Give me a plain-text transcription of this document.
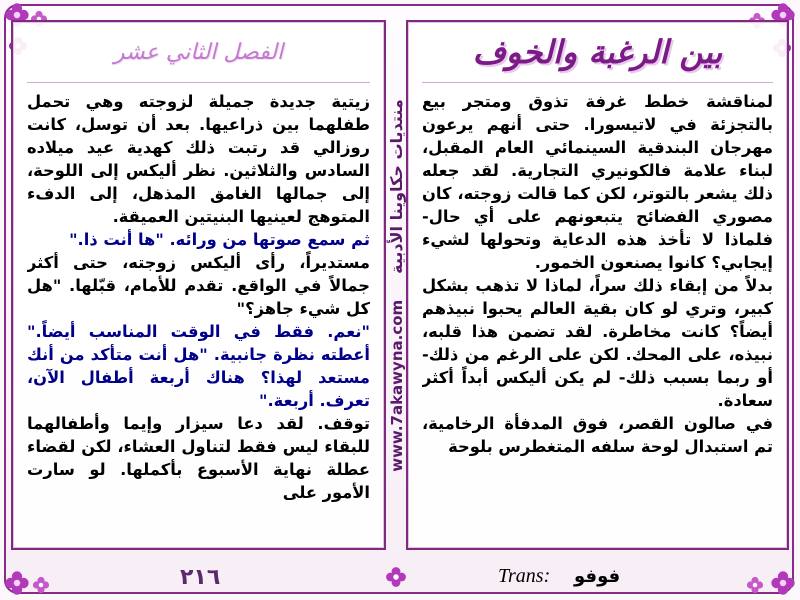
الفصل الثاني عشر

زيتية جديدة جميلة لزوجته وهي تحمل طفلهما بين ذراعيها. بعد أن توسل، كانت روزالي قد رتبت ذلك كهدية عيد ميلاده السادس والثلاثين. نظر أليكس إلى اللوحة، إلى جمالها الغامق المذهل، إلى الدفء المتوهج لعينيها البنيتين العميقة.

ثم سمع صوتها من ورائه. "ها أنت ذا."

مستديراً، رأى أليكس زوجته، حتى أكثر جمالاً في الواقع. تقدم للأمام، قبّلها. "هل كل شيء جاهز؟"

"نعم. فقط في الوقت المناسب أيضاً." أعطته نظرة جانبية. "هل أنت متأكد من أنك مستعد لهذا؟ هناك أربعة أطفال الآن، تعرف. أربعة."

توقف. لقد دعا سيزار وإيما وأطفالهما للبقاء ليس فقط لتناول العشاء، لكن لقضاء عطلة نهاية الأسبوع بأكملها. لو سارت الأمور على

www.7akawyna.com
منتديات حكاوينا الأدبية
بين الرغبة والخوف

لمناقشة خطط غرفة تذوق ومتجر بيع بالتجزئة في لاتيسورا. حتى أنهم يرعون مهرجان البندقية السينمائي العام المقبل، لبناء علامة فالكونيري التجارية. لقد جعله ذلك يشعر بالتوتر، لكن كما قالت زوجته، كان مصوري الفضائح يتبعونهم على أي حال- فلماذا لا تأخذ هذه الدعاية وتحولها لشيء إيجابي؟ كانوا يصنعون الخمور.

بدلاً من إبقاء ذلك سراً، لماذا لا تذهب بشكل كبير، وتري لو كان بقية العالم يحبوا نبيذهم أيضاً؟ كانت مخاطرة. لقد تضمن هذا قلبه، نبيذه، على المحك. لكن على الرغم من ذلك- أو ربما بسبب ذلك- لم يكن أليكس أبداً أكثر سعادة.

في صالون القصر، فوق المدفأة الرخامية، تم استبدال لوحة سلفه المتغطرس بلوحة

٢١٦	Trans: فوفو
